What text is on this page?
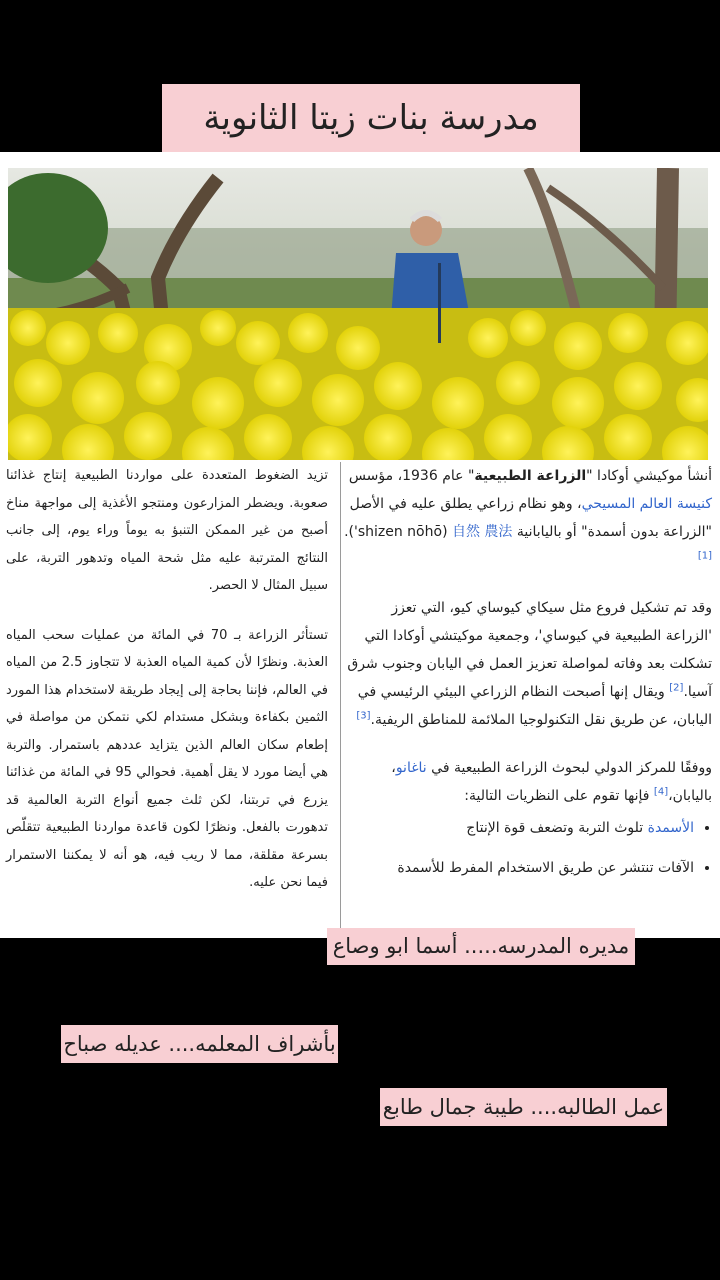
مدرسة بنات زيتا الثانوية

أنشأ موكيشي أوكادا "الزراعة الطبيعية" عام 1936، مؤسس كنيسة العالم المسيحي، وهو نظام زراعي يطلق عليه في الأصل "الزراعة بدون أسمدة" أو باليابانية 自然 農法 (shizen nōhō'‏).[1]

وقد تم تشكيل فروع مثل سيكاي كيوساي كيو، التي تعزز 'الزراعة الطبيعية في كيوساي'، وجمعية موكيتشي أوكادا التي تشكلت بعد وفاته لمواصلة تعزيز العمل في اليابان وجنوب شرق آسيا.[2] ويقال إنها أصبحت النظام الزراعي البيئي الرئيسي في اليابان، عن طريق نقل التكنولوجيا الملائمة للمناطق الريفية.[3]

ووفقًا للمركز الدولي لبحوث الزراعة الطبيعية في ناغانو، باليابان،[4] فإنها تقوم على النظريات التالية:

• الأسمدة تلوث التربة وتضعف قوة الإنتاج
• الآفات تنتشر عن طريق الاستخدام المفرط للأسمدة

تزيد الضغوط المتعددة على مواردنا الطبيعية إنتاج غذائنا صعوبة. ويضطر المزارعون ومنتجو الأغذية إلى مواجهة مناخ أصبح من غير الممكن التنبؤ به يوماً وراء يوم، إلى جانب النتائج المترتبة عليه مثل شحة المياه وتدهور التربة، على سبيل المثال لا الحصر.

تستأثر الزراعة بـ 70 في المائة من عمليات سحب المياه العذبة. ونظرًا لأن كمية المياه العذبة لا تتجاوز 2.5 من المياه في العالم، فإننا بحاجة إلى إيجاد طريقة لاستخدام هذا المورد الثمين بكفاءة وبشكل مستدام لكي نتمكن من مواصلة في إطعام سكان العالم الذين يتزايد عددهم باستمرار. والتربة هي أيضا مورد لا يقل أهمية. فحوالي 95 في المائة من غذائنا يزرع في تربتنا، لكن ثلث جميع أنواع التربة العالمية قد تدهورت بالفعل. ونظرًا لكون قاعدة مواردنا الطبيعية تتقلّص بسرعة مقلقة، مما لا ريب فيه، هو أنه لا يمكننا الاستمرار فيما نحن عليه.

مديره المدرسه..... أسما ابو وصاع
بأشراف المعلمه.... عديله صباح
عمل الطالبه.... طيبة جمال طابع
